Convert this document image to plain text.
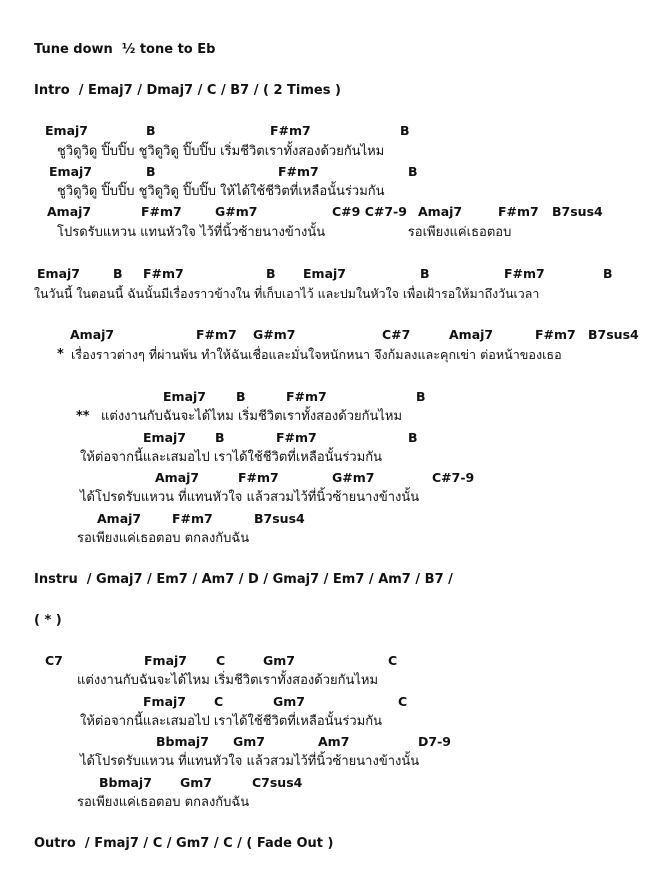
Tune down  ½ tone to Eb
Intro  / Emaj7 / Dmaj7 / C / B7 / ( 2 Times )
Emaj7	B	F#m7	B
ชูวิดูวิดู ปิ๊บปิ๊บ ชูวิดูวิดู ปิ๊บปิ๊บ เริ่มชีวิตเราทั้งสองด้วยกันไหม
Emaj7	B	F#m7	B
ชูวิดูวิดู ปิ๊บปิ๊บ ชูวิดูวิดู ปิ๊บปิ๊บ ให้ได้ใช้ชีวิตที่เหลือนั้นร่วมกัน
Amaj7	F#m7	G#m7	C#9 C#7-9 Amaj7	F#m7 B7sus4
โปรดรับแหวน แทนหัวใจ ไว้ที่นิ้วซ้ายนางข้างนั้น                    รอเพียงแค่เธอตอบ
Emaj7	B F#m7	B Emaj7	B	F#m7	B
ในวันนี้ ในตอนนี้ ฉันนั้นมีเรื่องราวข้างใน ที่เก็บเอาไว้ และปมในหัวใจ เพื่อเฝ้ารอให้มาถึงวันเวลา
Amaj7	F#m7 G#m7	C#7	Amaj7	F#m7 B7sus4
* เรื่องราวต่างๆ ที่ผ่านพ้น ทำให้ฉันเชื่อและมั่นใจหนักหนา จึงก้มลงและคุกเข่า ต่อหน้าของเธอ
Emaj7 B	F#m7	B
** แต่งงานกับฉันจะได้ไหม เริ่มชีวิตเราทั้งสองด้วยกันไหม
Emaj7 B	F#m7	B
ให้ต่อจากนี้และเสมอไป เราได้ใช้ชีวิตที่เหลือนั้นร่วมกัน
Amaj7	F#m7	G#m7	C#7-9
ได้โปรดรับแหวน ที่แทนหัวใจ แล้วสวมไว้ที่นิ้วซ้ายนางข้างนั้น
Amaj7 F#m7	B7sus4
รอเพียงแค่เธอตอบ ตกลงกับฉัน
Instru  / Gmaj7 / Em7 / Am7 / D / Gmaj7 / Em7 / Am7 / B7 /
( * )
C7	Fmaj7 C	Gm7	C
แต่งงานกับฉันจะได้ไหม เริ่มชีวิตเราทั้งสองด้วยกันไหม
Fmaj7 C	Gm7	C
ให้ต่อจากนี้และเสมอไป เราได้ใช้ชีวิตที่เหลือนั้นร่วมกัน
Bbmaj7 Gm7	Am7	D7-9
ได้โปรดรับแหวน ที่แทนหัวใจ แล้วสวมไว้ที่นิ้วซ้ายนางข้างนั้น
Bbmaj7 Gm7	C7sus4
รอเพียงแค่เธอตอบ ตกลงกับฉัน
Outro  / Fmaj7 / C / Gm7 / C / ( Fade Out )
